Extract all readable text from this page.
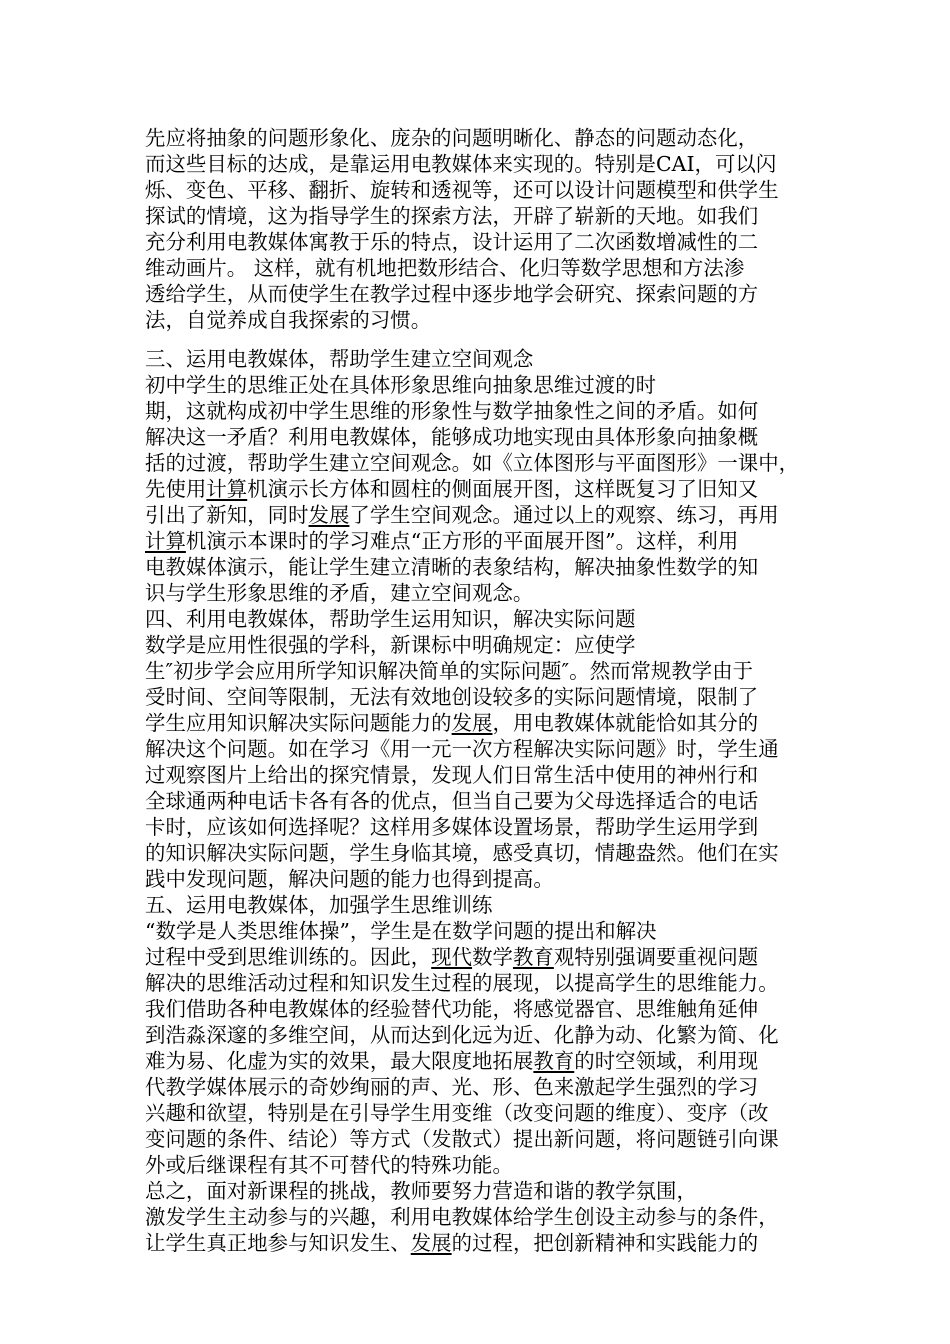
先应将抽象的问题形象化、庞杂的问题明晰化、静态的问题动态化，
而这些目标的达成，是靠运用电教媒体来实现的。特别是CAI，可以闪
烁、变色、平移、翻折、旋转和透视等，还可以设计问题模型和供学生
探试的情境，这为指导学生的探索方法，开辟了崭新的天地。如我们
充分利用电教媒体寓教于乐的特点，设计运用了二次函数增减性的二
维动画片。 这样，就有机地把数形结合、化归等数学思想和方法渗
透给学生，从而使学生在教学过程中逐步地学会研究、探索问题的方
法，自觉养成自我探索的习惯。
三、运用电教媒体，帮助学生建立空间观念
初中学生的思维正处在具体形象思维向抽象思维过渡的时
期，这就构成初中学生思维的形象性与数学抽象性之间的矛盾。如何
解决这一矛盾？利用电教媒体，能够成功地实现由具体形象向抽象概
括的过渡，帮助学生建立空间观念。如《立体图形与平面图形》一课中，
先使用计算机演示长方体和圆柱的侧面展开图，这样既复习了旧知又
引出了新知，同时发展了学生空间观念。通过以上的观察、练习，再用
计算机演示本课时的学习难点“正方形的平面展开图”。这样，利用
电教媒体演示，能让学生建立清晰的表象结构，解决抽象性数学的知
识与学生形象思维的矛盾，建立空间观念。
四、利用电教媒体，帮助学生运用知识，解决实际问题
数学是应用性很强的学科，新课标中明确规定：应使学
生″初步学会应用所学知识解决简单的实际问题″。然而常规教学由于
受时间、空间等限制，无法有效地创设较多的实际问题情境，限制了
学生应用知识解决实际问题能力的发展，用电教媒体就能恰如其分的
解决这个问题。如在学习《用一元一次方程解决实际问题》时，学生通
过观察图片上给出的探究情景，发现人们日常生活中使用的神州行和
全球通两种电话卡各有各的优点，但当自己要为父母选择适合的电话
卡时，应该如何选择呢？这样用多媒体设置场景，帮助学生运用学到
的知识解决实际问题，学生身临其境，感受真切，情趣盎然。他们在实
践中发现问题，解决问题的能力也得到提高。
五、运用电教媒体，加强学生思维训练
“数学是人类思维体操”，学生是在数学问题的提出和解决
过程中受到思维训练的。因此，现代数学教育观特别强调要重视问题
解决的思维活动过程和知识发生过程的展现，以提高学生的思维能力。
我们借助各种电教媒体的经验替代功能，将感觉器官、思维触角延伸
到浩淼深邃的多维空间，从而达到化远为近、化静为动、化繁为简、化
难为易、化虚为实的效果，最大限度地拓展教育的时空领域，利用现
代教学媒体展示的奇妙绚丽的声、光、形、色来激起学生强烈的学习
兴趣和欲望，特别是在引导学生用变维（改变问题的维度）、变序（改
变问题的条件、结论）等方式（发散式）提出新问题，将问题链引向课
外或后继课程有其不可替代的特殊功能。
总之，面对新课程的挑战，教师要努力营造和谐的教学氛围，
激发学生主动参与的兴趣，利用电教媒体给学生创设主动参与的条件，
让学生真正地参与知识发生、发展的过程，把创新精神和实践能力的
